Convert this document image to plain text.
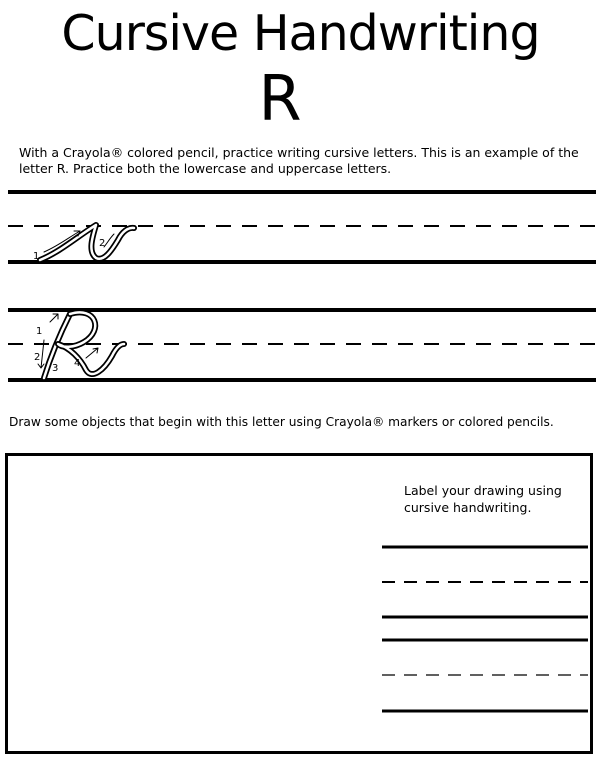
Cursive Handwriting
R
With a Crayola® colored pencil, practice writing cursive letters. This is an example of the letter R. Practice both the lowercase and uppercase letters.
1
2
1
2
3 4
Draw some objects that begin with this letter using Crayola® markers or colored pencils.
Label your drawing using cursive handwriting.
